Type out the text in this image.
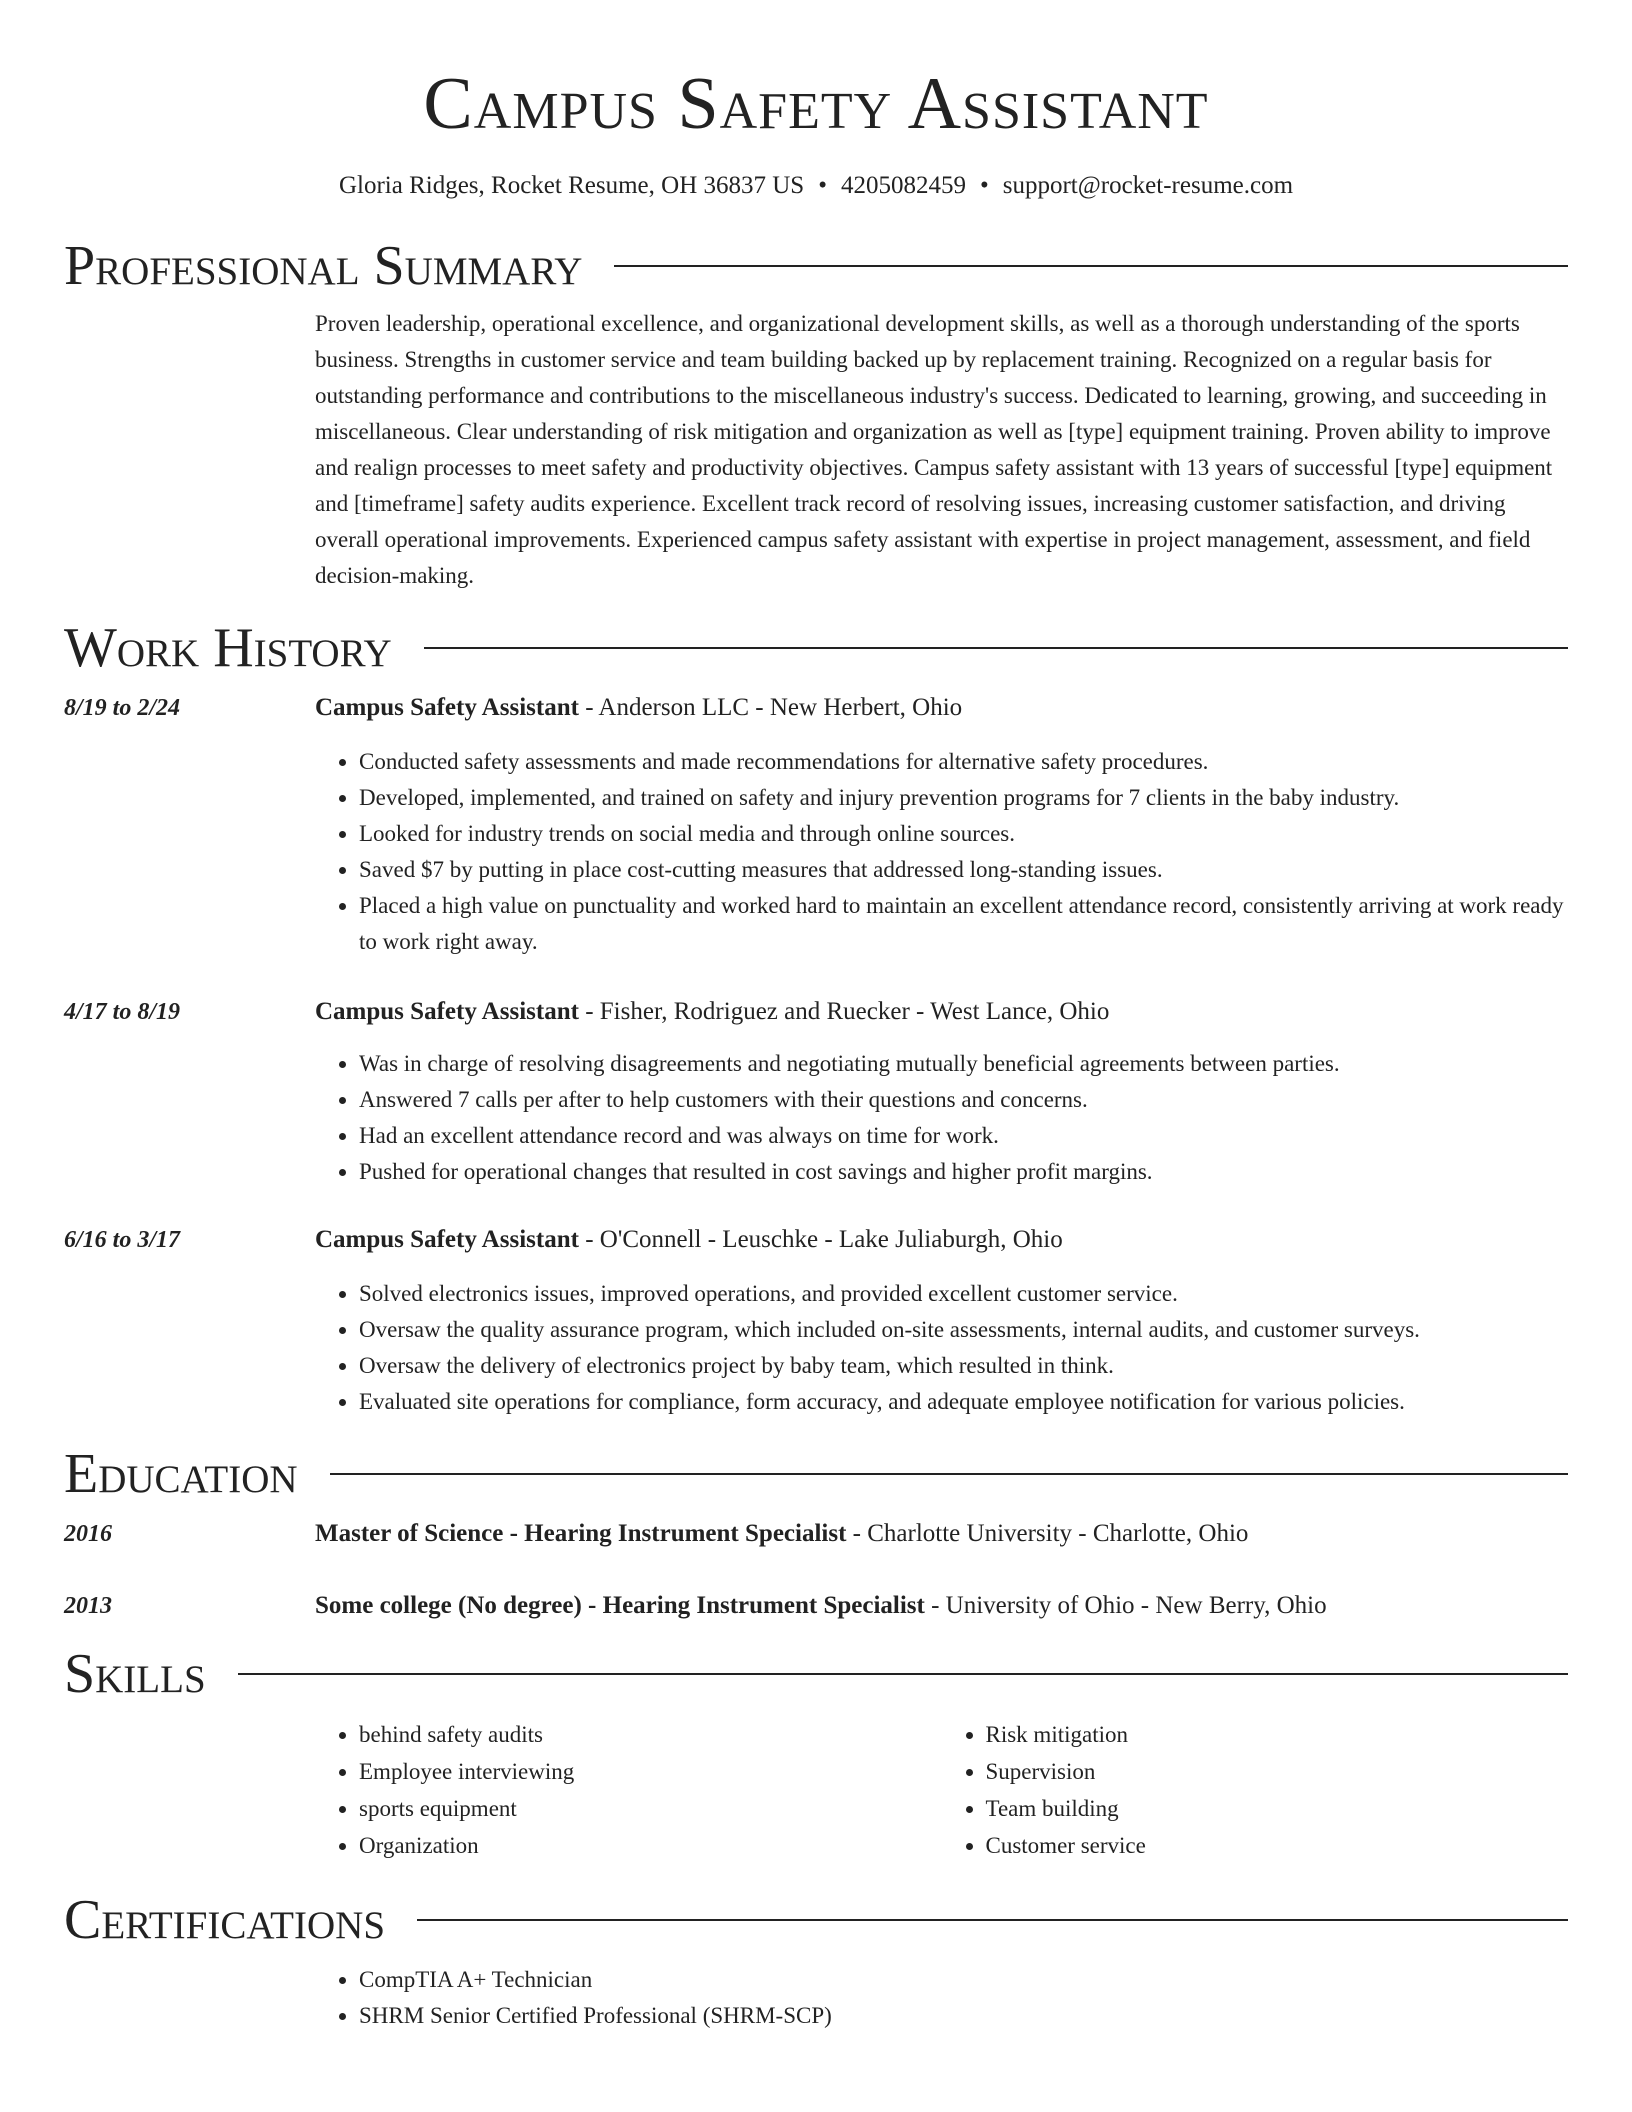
Campus Safety Assistant
Gloria Ridges, Rocket Resume, OH 36837 US • 4205082459 • support@rocket-resume.com
Professional Summary

Proven leadership, operational excellence, and organizational development skills, as well as a thorough understanding of the sports business. Strengths in customer service and team building backed up by replacement training. Recognized on a regular basis for outstanding performance and contributions to the miscellaneous industry's success. Dedicated to learning, growing, and succeeding in miscellaneous. Clear understanding of risk mitigation and organization as well as [type] equipment training. Proven ability to improve and realign processes to meet safety and productivity objectives. Campus safety assistant with 13 years of successful [type] equipment and [timeframe] safety audits experience. Excellent track record of resolving issues, increasing customer satisfaction, and driving overall operational improvements. Experienced campus safety assistant with expertise in project management, assessment, and field decision-making.

Work History
8/19 to 2/24	Campus Safety Assistant - Anderson LLC - New Herbert, Ohio
• Conducted safety assessments and made recommendations for alternative safety procedures.
• Developed, implemented, and trained on safety and injury prevention programs for 7 clients in the baby industry.
• Looked for industry trends on social media and through online sources.
• Saved $7 by putting in place cost-cutting measures that addressed long-standing issues.
• Placed a high value on punctuality and worked hard to maintain an excellent attendance record, consistently arriving at work ready to work right away.
4/17 to 8/19	Campus Safety Assistant - Fisher, Rodriguez and Ruecker - West Lance, Ohio
• Was in charge of resolving disagreements and negotiating mutually beneficial agreements between parties.
• Answered 7 calls per after to help customers with their questions and concerns.
• Had an excellent attendance record and was always on time for work.
• Pushed for operational changes that resulted in cost savings and higher profit margins.
6/16 to 3/17	Campus Safety Assistant - O'Connell - Leuschke - Lake Juliaburgh, Ohio
• Solved electronics issues, improved operations, and provided excellent customer service.
• Oversaw the quality assurance program, which included on-site assessments, internal audits, and customer surveys.
• Oversaw the delivery of electronics project by baby team, which resulted in think.
• Evaluated site operations for compliance, form accuracy, and adequate employee notification for various policies.
Education
2016	Master of Science - Hearing Instrument Specialist - Charlotte University - Charlotte, Ohio
2013	Some college (No degree) - Hearing Instrument Specialist - University of Ohio - New Berry, Ohio
Skills
• behind safety audits
• Employee interviewing
• sports equipment
• Organization
• Risk mitigation
• Supervision
• Team building
• Customer service
Certifications
• CompTIA A+ Technician
• SHRM Senior Certified Professional (SHRM-SCP)
